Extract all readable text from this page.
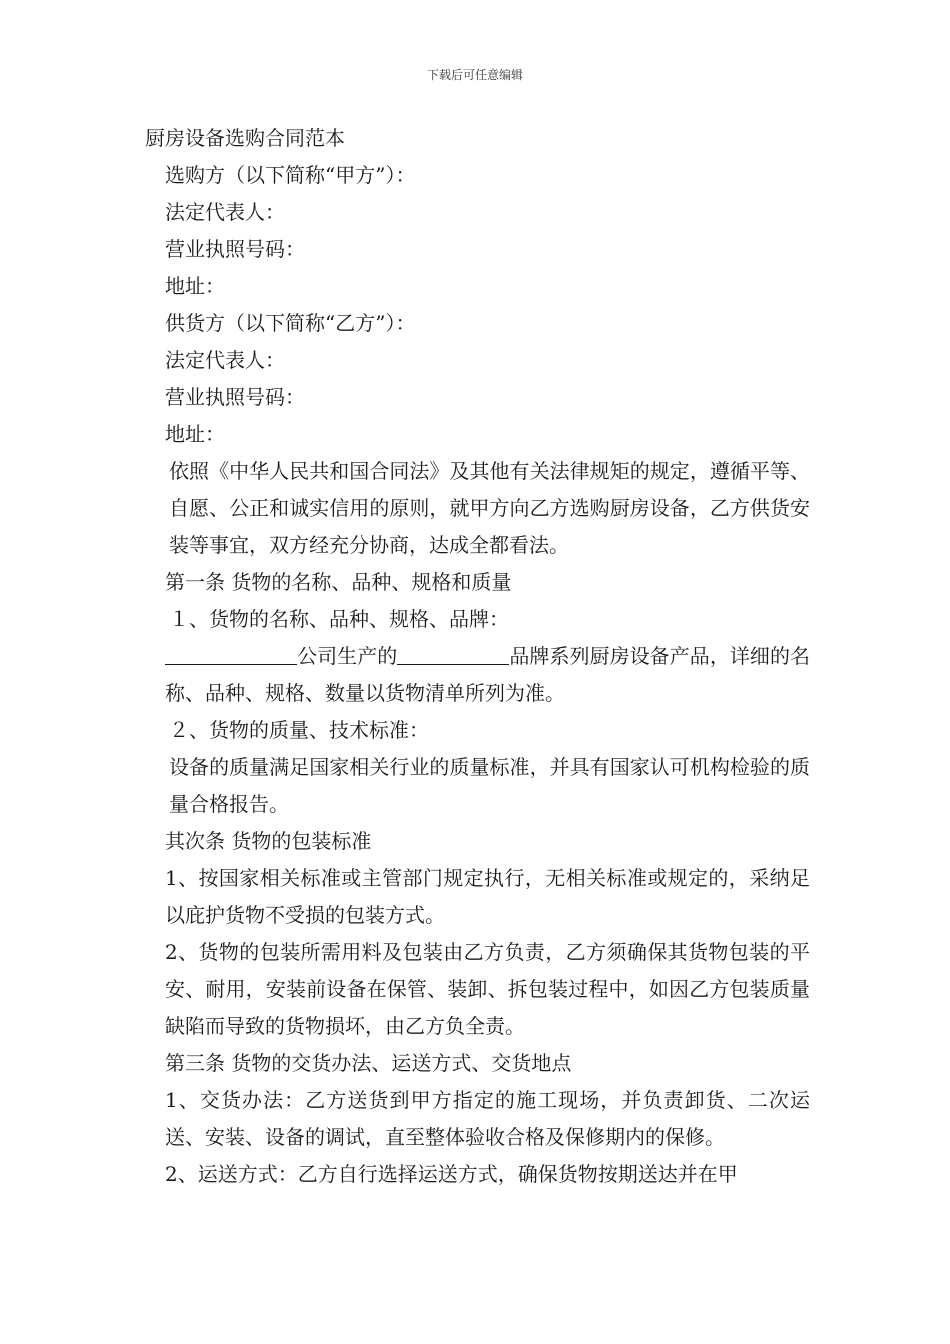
下载后可任意编辑

厨房设备选购合同范本

选购方（以下简称“甲方”）：

法定代表人：

营业执照号码：

地址：

供货方（以下简称“乙方”）：

法定代表人：

营业执照号码：

地址：

依照《中华人民共和国合同法》及其他有关法律规矩的规定，遵循平等、自愿、公正和诚实信用的原则，就甲方向乙方选购厨房设备，乙方供货安装等事宜，双方经充分协商，达成全都看法。

第一条 货物的名称、品种、规格和质量

１、货物的名称、品种、规格、品牌：

公司生产的	品牌系列厨房设备产品，详细的名称、品种、规格、数量以货物清单所列为准。

２、货物的质量、技术标准：

设备的质量满足国家相关行业的质量标准，并具有国家认可机构检验的质量合格报告。

其次条 货物的包装标准

1、按国家相关标准或主管部门规定执行，无相关标准或规定的，采纳足以庇护货物不受损的包装方式。

2、货物的包装所需用料及包装由乙方负责，乙方须确保其货物包装的平安、耐用，安装前设备在保管、装卸、拆包装过程中，如因乙方包装质量缺陷而导致的货物损坏，由乙方负全责。

第三条 货物的交货办法、运送方式、交货地点

1、交货办法：乙方送货到甲方指定的施工现场，并负责卸货、二次运送、安装、设备的调试，直至整体验收合格及保修期内的保修。

2、运送方式：乙方自行选择运送方式，确保货物按期送达并在甲
